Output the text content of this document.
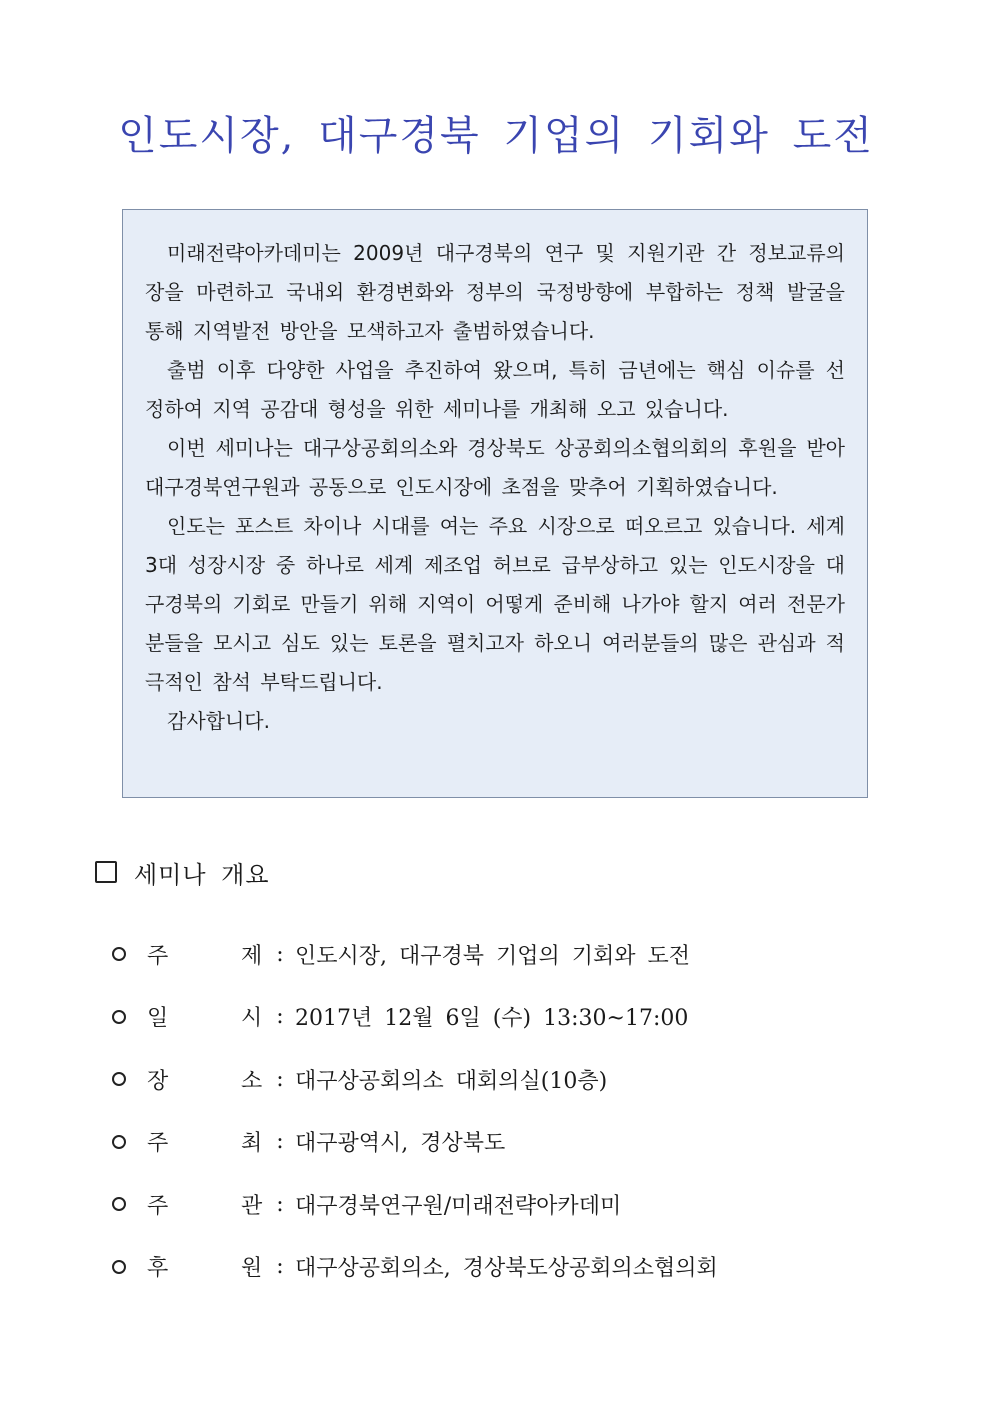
인도시장, 대구경북 기업의 기회와 도전

미래전략아카데미는 2009년 대구경북의 연구 및 지원기관 간 정보교류의 장을 마련하고 국내외 환경변화와 정부의 국정방향에 부합하는 정책 발굴을 통해 지역발전 방안을 모색하고자 출범하였습니다.

출범 이후 다양한 사업을 추진하여 왔으며, 특히 금년에는 핵심 이슈를 선정하여 지역 공감대 형성을 위한 세미나를 개최해 오고 있습니다.

이번 세미나는 대구상공회의소와 경상북도 상공회의소협의회의 후원을 받아 대구경북연구원과 공동으로 인도시장에 초점을 맞추어 기획하였습니다.

인도는 포스트 차이나 시대를 여는 주요 시장으로 떠오르고 있습니다. 세계 3대 성장시장 중 하나로 세계 제조업 허브로 급부상하고 있는 인도시장을 대구경북의 기회로 만들기 위해 지역이 어떻게 준비해 나가야 할지 여러 전문가 분들을 모시고 심도 있는 토론을 펼치고자 하오니 여러분들의 많은 관심과 적극적인 참석 부탁드립니다.

감사합니다.

세미나 개요
주	제 : 인도시장, 대구경북 기업의 기회와 도전
일	시 : 2017년 12월 6일 (수) 13:30~17:00
장	소 : 대구상공회의소 대회의실(10층)
주	최 : 대구광역시, 경상북도
주	관 : 대구경북연구원/미래전략아카데미
후	원 : 대구상공회의소, 경상북도상공회의소협의회
